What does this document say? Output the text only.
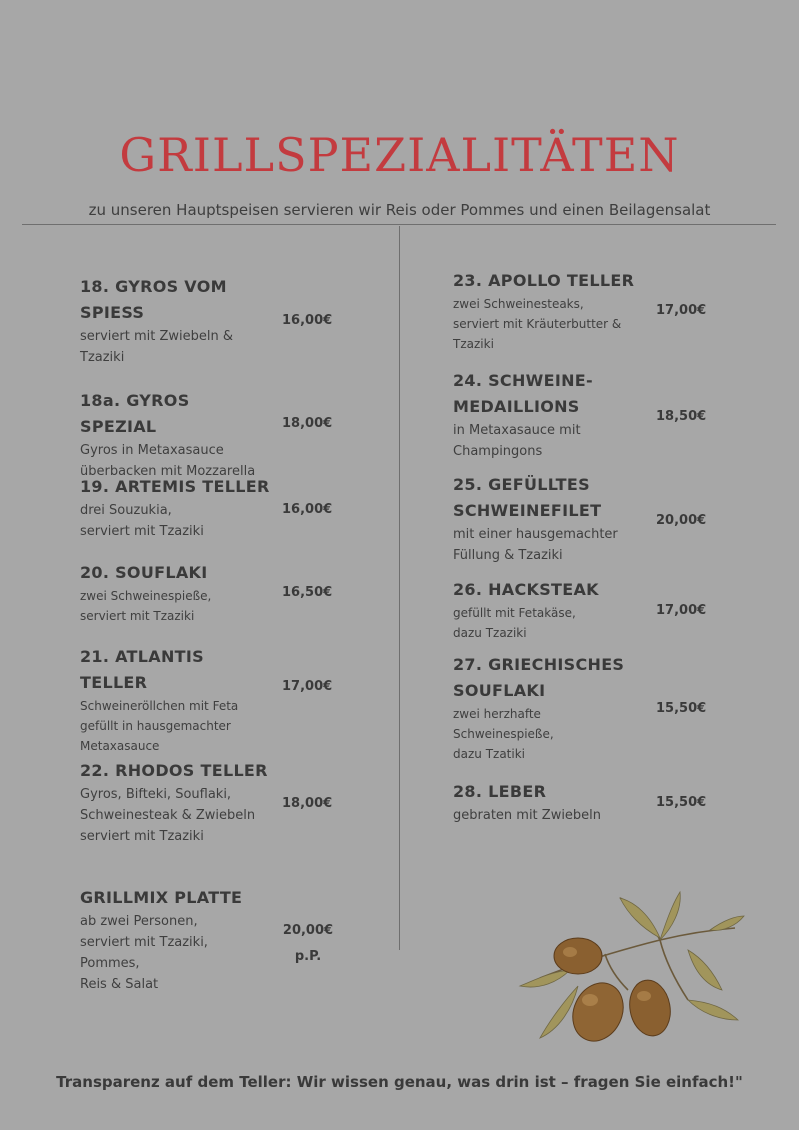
GRILLSPEZIALITÄTEN
zu unseren Hauptspeisen servieren wir Reis oder Pommes und einen Beilagensalat
18. GYROS VOM
SPIESS
serviert mit Zwiebeln &
Tzaziki
16,00€
18a. GYROS SPEZIAL
Gyros in Metaxasauce
überbacken mit Mozzarella
18,00€
19. ARTEMIS TELLER
drei Souzukia,
serviert mit Tzaziki
16,00€
20. SOUFLAKI
zwei Schweinespieße,
serviert mit Tzaziki
16,50€
21. ATLANTIS TELLER
Schweineröllchen mit Feta
gefüllt in hausgemachter
Metaxasauce
17,00€
22. RHODOS TELLER
Gyros, Bifteki, Souflaki,
Schweinesteak & Zwiebeln
serviert mit Tzaziki
18,00€
GRILLMIX PLATTE
ab zwei Personen,
serviert mit Tzaziki,
Pommes,
Reis & Salat
20,00€
p.P.
23. APOLLO TELLER
zwei Schweinesteaks,
serviert mit Kräuterbutter &
Tzaziki
17,00€
24. SCHWEINE-
MEDAILLIONS
in Metaxasauce mit
Champingons
18,50€
25. GEFÜLLTES
SCHWEINEFILET
mit einer hausgemachter
Füllung & Tzaziki
20,00€
26. HACKSTEAK
gefüllt mit Fetakäse,
dazu Tzaziki
17,00€
27. GRIECHISCHES
SOUFLAKI
zwei herzhafte
Schweinespieße,
dazu Tzatiki
15,50€
28. LEBER
gebraten mit Zwiebeln
15,50€
Transparenz auf dem Teller: Wir wissen genau, was drin ist – fragen Sie einfach!"
